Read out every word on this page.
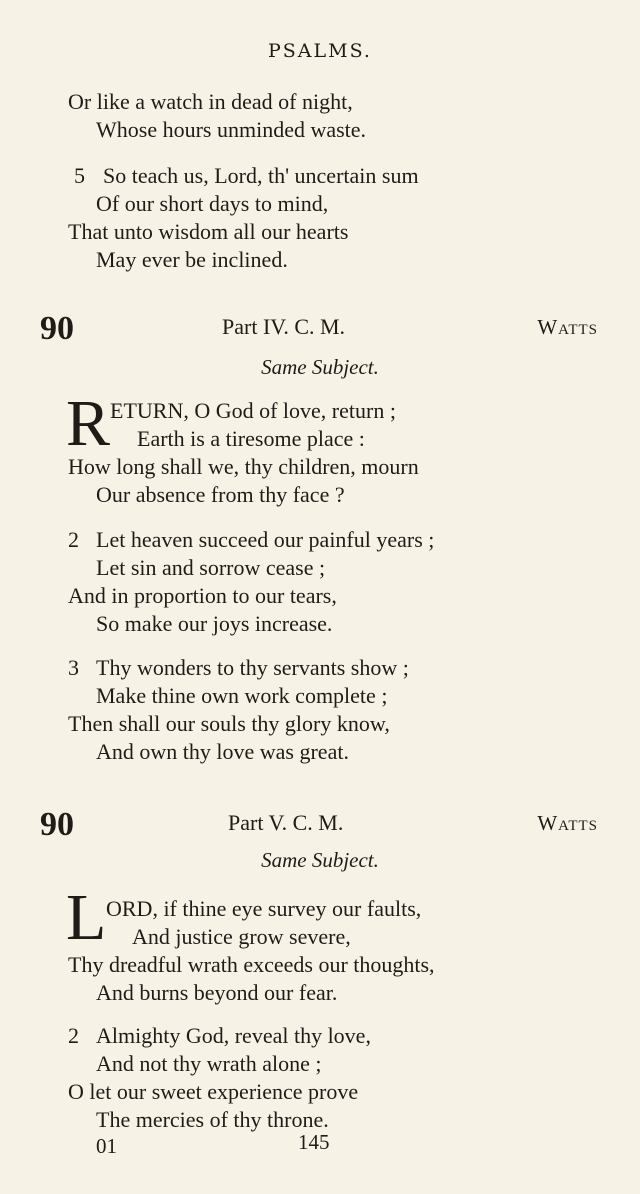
PSALMS.
Or like a watch in dead of night,
Whose hours unminded waste.
5 So teach us, Lord, th' uncertain sum
Of our short days to mind,
That unto wisdom all our hearts
May ever be inclined.
90	Part IV. C. M.	Watts
Same Subject.
R ETURN, O God of love, return ;
Earth is a tiresome place :
How long shall we, thy children, mourn
Our absence from thy face ?
2 Let heaven succeed our painful years ;
Let sin and sorrow cease ;
And in proportion to our tears,
So make our joys increase.
3 Thy wonders to thy servants show ;
Make thine own work complete ;
Then shall our souls thy glory know,
And own thy love was great.
90	Part V. C. M.	Watts
Same Subject.
L ORD, if thine eye survey our faults,
And justice grow severe,
Thy dreadful wrath exceeds our thoughts,
And burns beyond our fear.
2 Almighty God, reveal thy love,
And not thy wrath alone ;
O let our sweet experience prove
The mercies of thy throne.
01	145
